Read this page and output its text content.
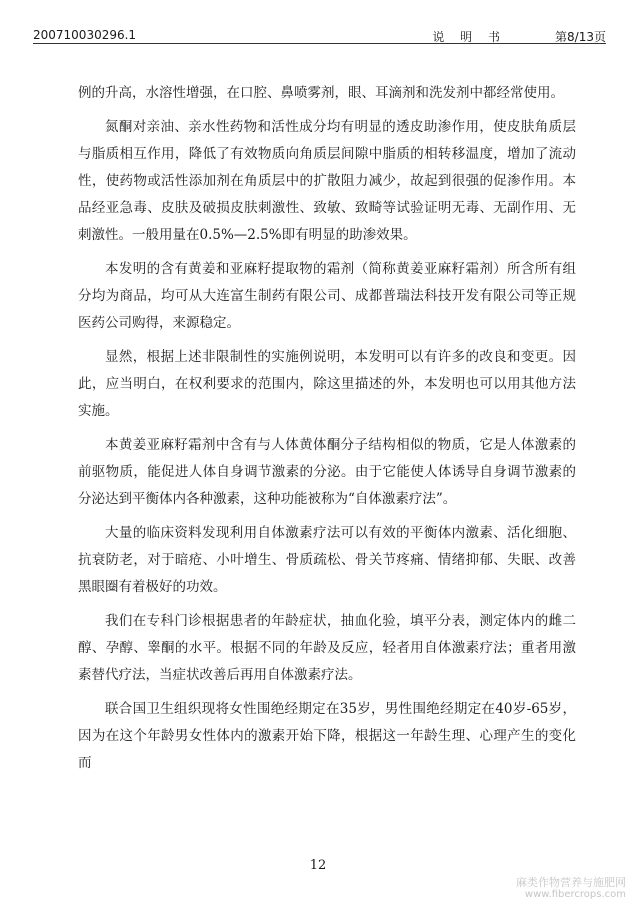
200710030296.1	说 明 书	第8/13页

例的升高，水溶性增强，在口腔、鼻喷雾剂，眼、耳滴剂和洗发剂中都经常使用。

氮酮对亲油、亲水性药物和活性成分均有明显的透皮助渗作用，使皮肤角质层与脂质相互作用，降低了有效物质向角质层间隙中脂质的相转移温度，增加了流动性，使药物或活性添加剂在角质层中的扩散阻力减少，故起到很强的促渗作用。本品经亚急毒、皮肤及破损皮肤刺激性、致敏、致畸等试验证明无毒、无副作用、无刺激性。一般用量在0.5%—2.5%即有明显的助渗效果。

本发明的含有黄姜和亚麻籽提取物的霜剂（简称黄姜亚麻籽霜剂）所含所有组分均为商品，均可从大连富生制药有限公司、成都普瑞法科技开发有限公司等正规医药公司购得，来源稳定。

显然，根据上述非限制性的实施例说明，本发明可以有许多的改良和变更。因此，应当明白，在权利要求的范围内，除这里描述的外，本发明也可以用其他方法实施。

本黄姜亚麻籽霜剂中含有与人体黄体酮分子结构相似的物质，它是人体激素的前驱物质，能促进人体自身调节激素的分泌。由于它能使人体诱导自身调节激素的分泌达到平衡体内各种激素，这种功能被称为“自体激素疗法”。

大量的临床资料发现利用自体激素疗法可以有效的平衡体内激素、活化细胞、抗衰防老，对于暗疮、小叶增生、骨质疏松、骨关节疼痛、情绪抑郁、失眠、改善黑眼圈有着极好的功效。

我们在专科门诊根据患者的年龄症状，抽血化验，填平分表，测定体内的雌二醇、孕醇、睾酮的水平。根据不同的年龄及反应，轻者用自体激素疗法；重者用激素替代疗法，当症状改善后再用自体激素疗法。

联合国卫生组织现将女性围绝经期定在35岁，男性围绝经期定在40岁-65岁，因为在这个年龄男女性体内的激素开始下降，根据这一年龄生理、心理产生的变化而

12
麻类作物营养与施肥网
www.fibercrops.com
